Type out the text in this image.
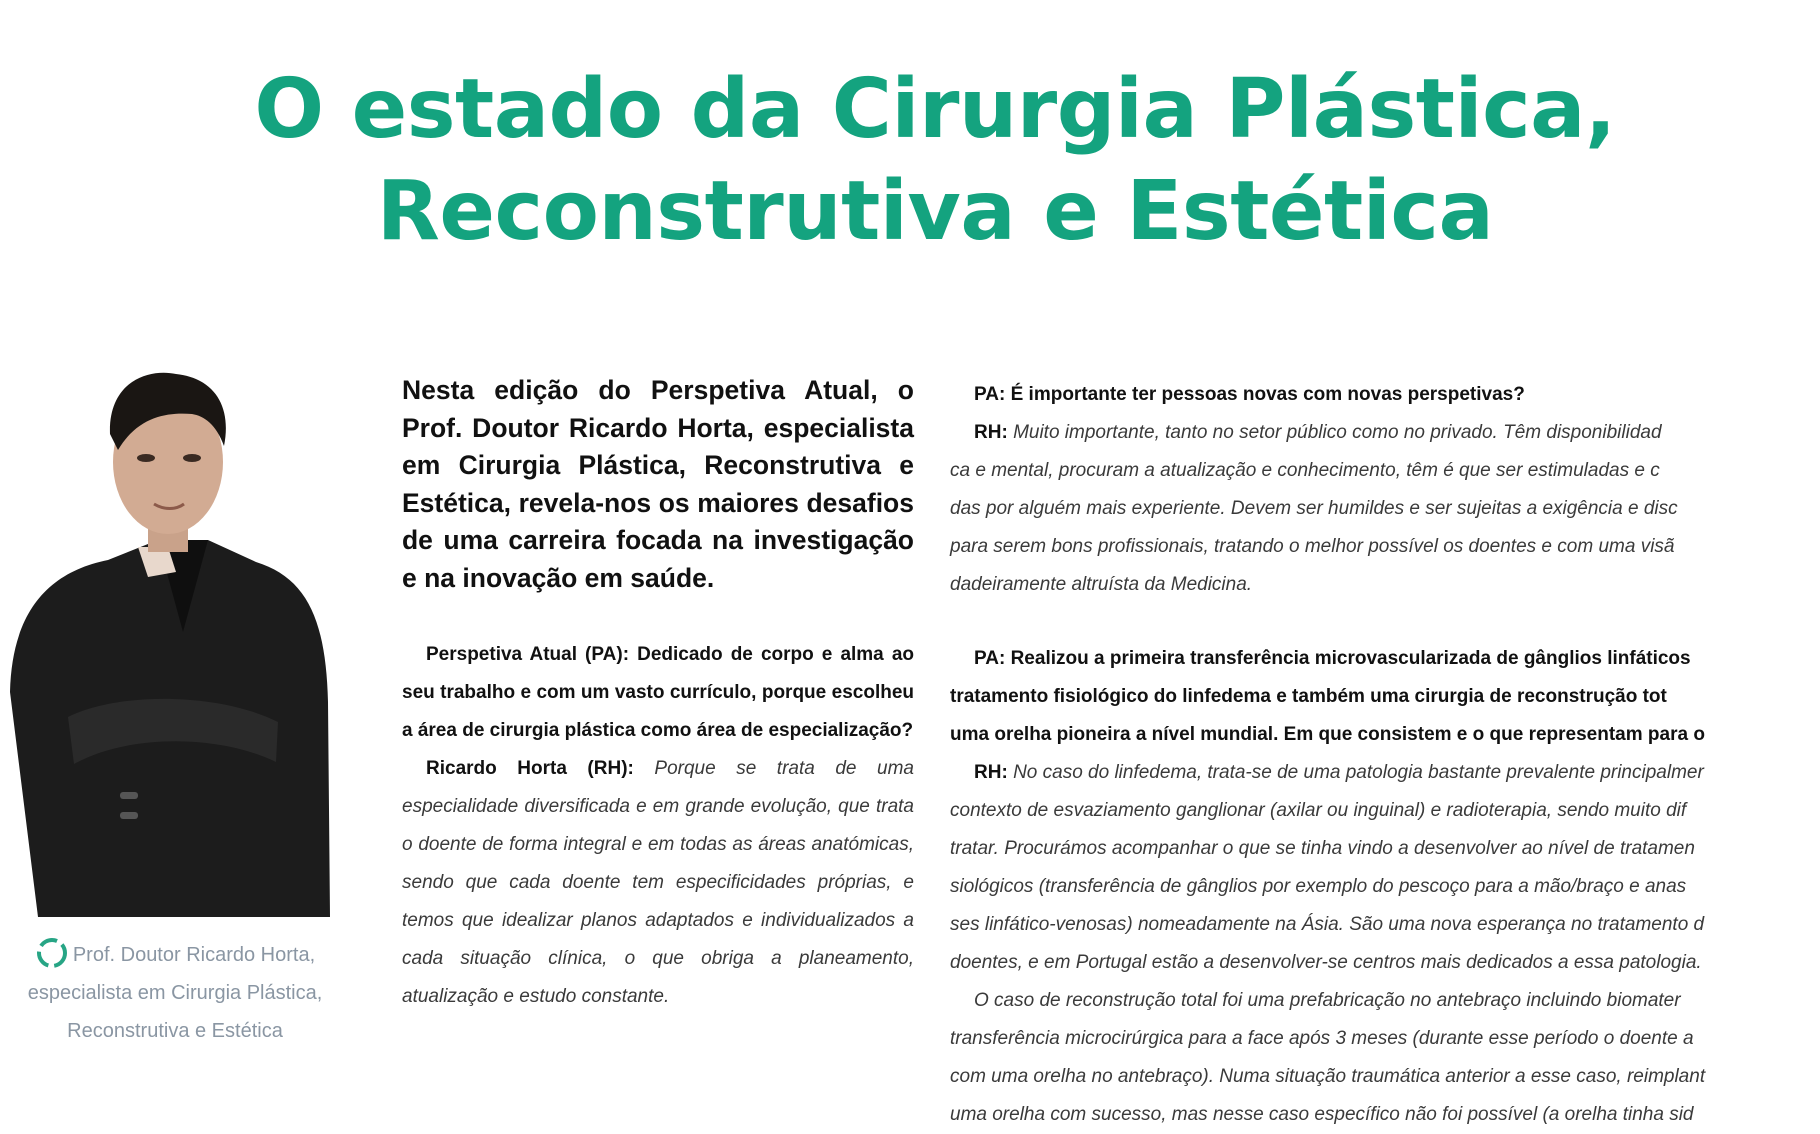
O estado da Cirurgia Plástica,
Reconstrutiva e Estética
Prof. Doutor Ricardo Horta,
especialista em Cirurgia Plástica,
Reconstrutiva e Estética
Nesta edição do Perspetiva Atual, o Prof. Doutor Ricardo Horta, especialista em Cirurgia Plástica, Reconstrutiva e Estética, revela-nos os maiores desafios de uma carreira focada na investigação e na inovação em saúde.

Perspetiva Atual (PA): Dedicado de corpo e alma ao seu trabalho e com um vasto currículo, porque escolheu a área de cirurgia plástica como área de especialização?

Ricardo Horta (RH): Porque se trata de uma especialidade diversificada e em grande evolução, que trata o doente de forma integral e em todas as áreas anatómicas, sendo que cada doente tem especificidades próprias, e temos que idealizar planos adaptados e individualizados a cada situação clínica, o que obriga a planeamento, atualização e estudo constante.

PA: É importante ter pessoas novas com novas perspetivas?

RH: Muito importante, tanto no setor público como no privado. Têm disponibilidad

ca e mental, procuram a atualização e conhecimento, têm é que ser estimuladas e c

das por alguém mais experiente. Devem ser humildes e ser sujeitas a exigência e disc

para serem bons profissionais, tratando o melhor possível os doentes e com uma visã

dadeiramente altruísta da Medicina.

PA: Realizou a primeira transferência microvascularizada de gânglios linfáticos

tratamento fisiológico do linfedema e também uma cirurgia de reconstrução tot

uma orelha pioneira a nível mundial. Em que consistem e o que representam para o

RH: No caso do linfedema, trata-se de uma patologia bastante prevalente principalmer

contexto de esvaziamento ganglionar (axilar ou inguinal) e radioterapia, sendo muito dif

tratar. Procurámos acompanhar o que se tinha vindo a desenvolver ao nível de tratamen

siológicos (transferência de gânglios por exemplo do pescoço para a mão/braço e anas

ses linfático-venosas) nomeadamente na Ásia. São uma nova esperança no tratamento d

doentes, e em Portugal estão a desenvolver-se centros mais dedicados a essa patologia.

O caso de reconstrução total foi uma prefabricação no antebraço incluindo biomater

transferência microcirúrgica para a face após 3 meses (durante esse período o doente a

com uma orelha no antebraço). Numa situação traumática anterior a esse caso, reimplant

uma orelha com sucesso, mas nesse caso específico não foi possível (a orelha tinha sid
